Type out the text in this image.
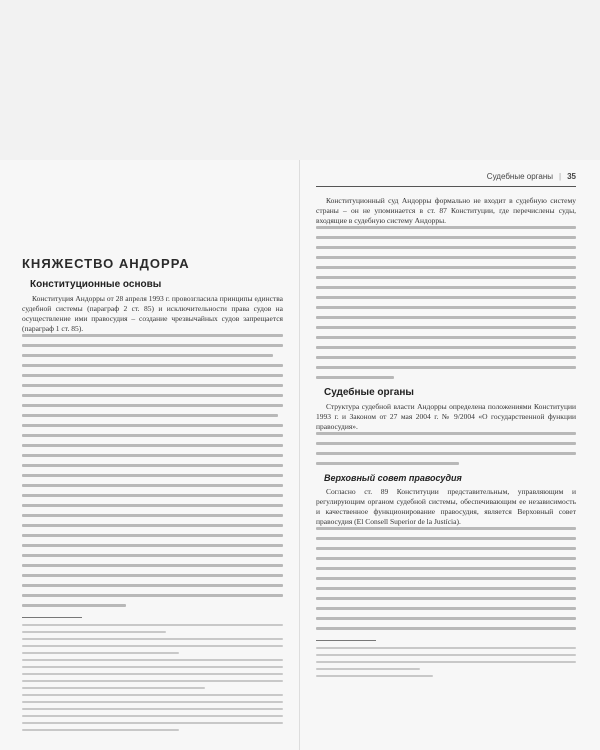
КНЯЖЕСТВО АНДОРРА
Конституционные основы

Конституция Андорры от 28 апреля 1993 г. провозгласила принципы единства судебной системы (параграф 2 ст. 85) и исключительности права судов на осуществление ими правосудия – создание чрезвычайных судов запрещается (параграф 1 ст. 85).

Судебные органы | 35

Конституционный суд Андорры формально не входит в судебную систему страны – он не упоминается в ст. 87 Конституции, где перечислены суды, входящие в судебную систему Андорры.

Судебные органы

Структура судебной власти Андорры определена положениями Конституции 1993 г. и Законом от 27 мая 2004 г. № 9/2004 «О государственной функции правосудия».

Верховный совет правосудия

Согласно ст. 89 Конституции представительным, управляющим и регулирующим органом судебной системы, обеспечивающим ее независимость и качественное функционирование правосудия, является Верховный совет правосудия (El Consell Superior de la Justícia).
